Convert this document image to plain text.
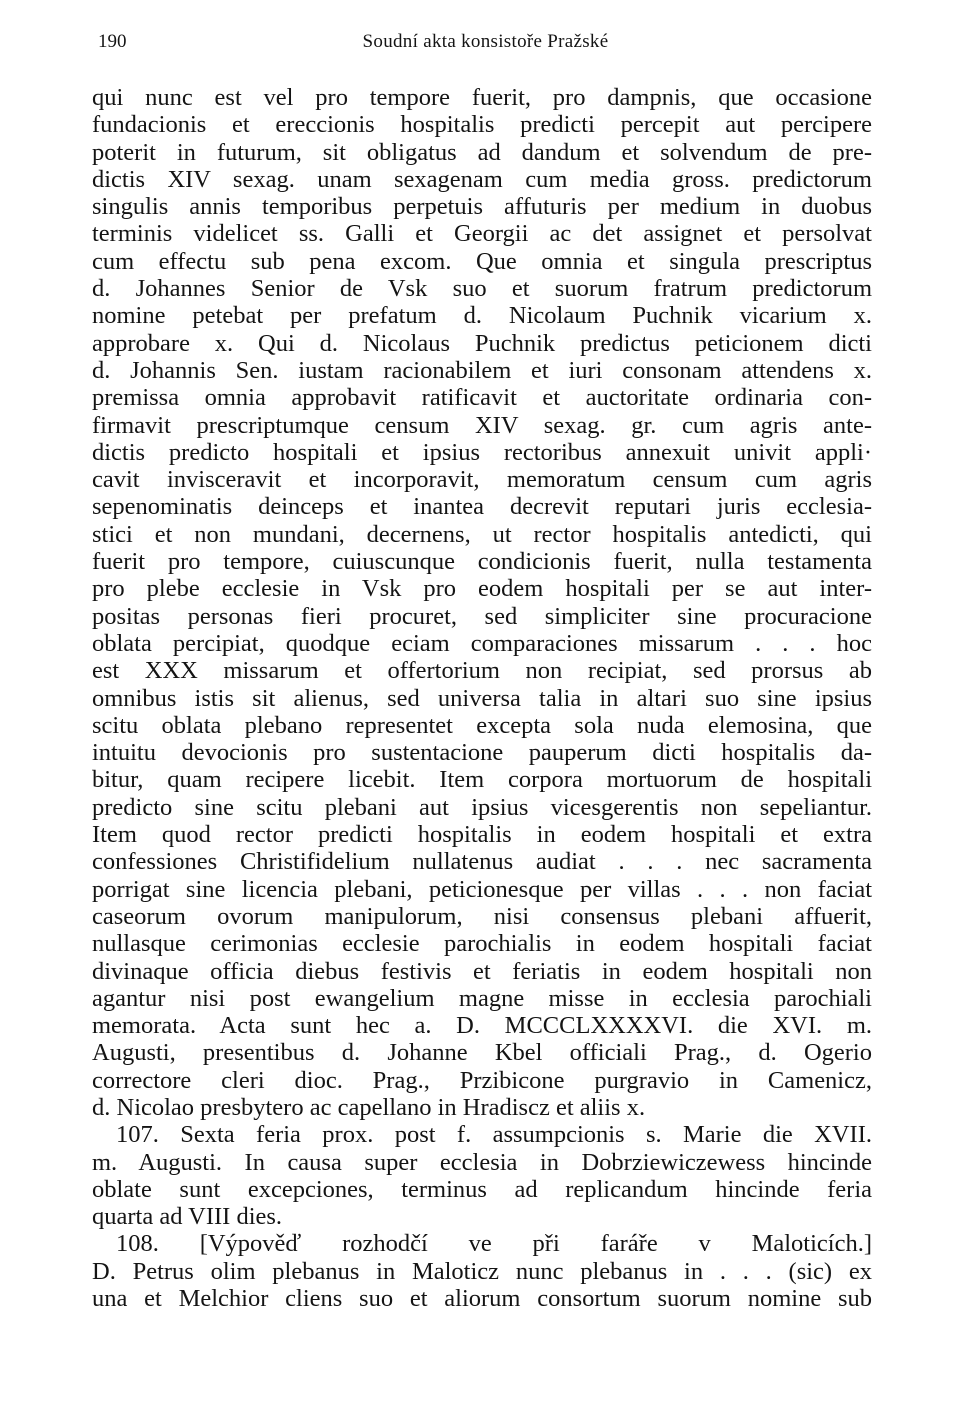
190	Soudní akta konsistoře Pražské
qui nunc est vel pro tempore fuerit, pro dampnis, que occasione
fundacionis et ereccionis hospitalis predicti percepit aut percipere
poterit in futurum, sit obligatus ad dandum et solvendum de pre-
dictis XIV sexag. unam sexagenam cum media gross. predictorum
singulis annis temporibus perpetuis affuturis per medium in duobus
terminis videlicet ss. Galli et Georgii ac det assignet et persolvat
cum effectu sub pena excom. Que omnia et singula prescriptus
d. Johannes Senior de Vsk suo et suorum fratrum predictorum
nomine petebat per prefatum d. Nicolaum Puchnik vicarium x.
approbare x. Qui d. Nicolaus Puchnik predictus peticionem dicti
d. Johannis Sen. iustam racionabilem et iuri consonam attendens x.
premissa omnia approbavit ratificavit et auctoritate ordinaria con-
firmavit prescriptumque censum XIV sexag. gr. cum agris ante-
dictis predicto hospitali et ipsius rectoribus annexuit univit appli·
cavit invisceravit et incorporavit, memoratum censum cum agris
sepenominatis deinceps et inantea decrevit reputari juris ecclesia-
stici et non mundani, decernens, ut rector hospitalis antedicti, qui
fuerit pro tempore, cuiuscunque condicionis fuerit, nulla testamenta
pro plebe ecclesie in Vsk pro eodem hospitali per se aut inter-
positas personas fieri procuret, sed simpliciter sine procuracione
oblata percipiat, quodque eciam comparaciones missarum . . . hoc
est XXX missarum et offertorium non recipiat, sed prorsus ab
omnibus istis sit alienus, sed universa talia in altari suo sine ipsius
scitu oblata plebano representet excepta sola nuda elemosina, que
intuitu devocionis pro sustentacione pauperum dicti hospitalis da-
bitur, quam recipere licebit. Item corpora mortuorum de hospitali
predicto sine scitu plebani aut ipsius vicesgerentis non sepeliantur.
Item quod rector predicti hospitalis in eodem hospitali et extra
confessiones Christifidelium nullatenus audiat . . . nec sacramenta
porrigat sine licencia plebani, peticionesque per villas . . . non faciat
caseorum ovorum manipulorum, nisi consensus plebani affuerit,
nullasque cerimonias ecclesie parochialis in eodem hospitali faciat
divinaque officia diebus festivis et feriatis in eodem hospitali non
agantur nisi post ewangelium magne misse in ecclesia parochiali
memorata. Acta sunt hec a. D. MCCCLXXXXVI. die XVI. m.
Augusti, presentibus d. Johanne Kbel officiali Prag., d. Ogerio
correctore cleri dioc. Prag., Przibicone purgravio in Camenicz,
d. Nicolao presbytero ac capellano in Hradiscz et aliis x.
107. Sexta feria prox. post f. assumpcionis s. Marie die XVII.
m. Augusti. In causa super ecclesia in Dobrziewiczewess hincinde
oblate sunt excepciones, terminus ad replicandum hincinde feria
quarta ad VIII dies.
108. [Výpověď rozhodčí ve při faráře v Maloticích.]
D. Petrus olim plebanus in Maloticz nunc plebanus in . . . (sic) ex
una et Melchior cliens suo et aliorum consortum suorum nomine sub
